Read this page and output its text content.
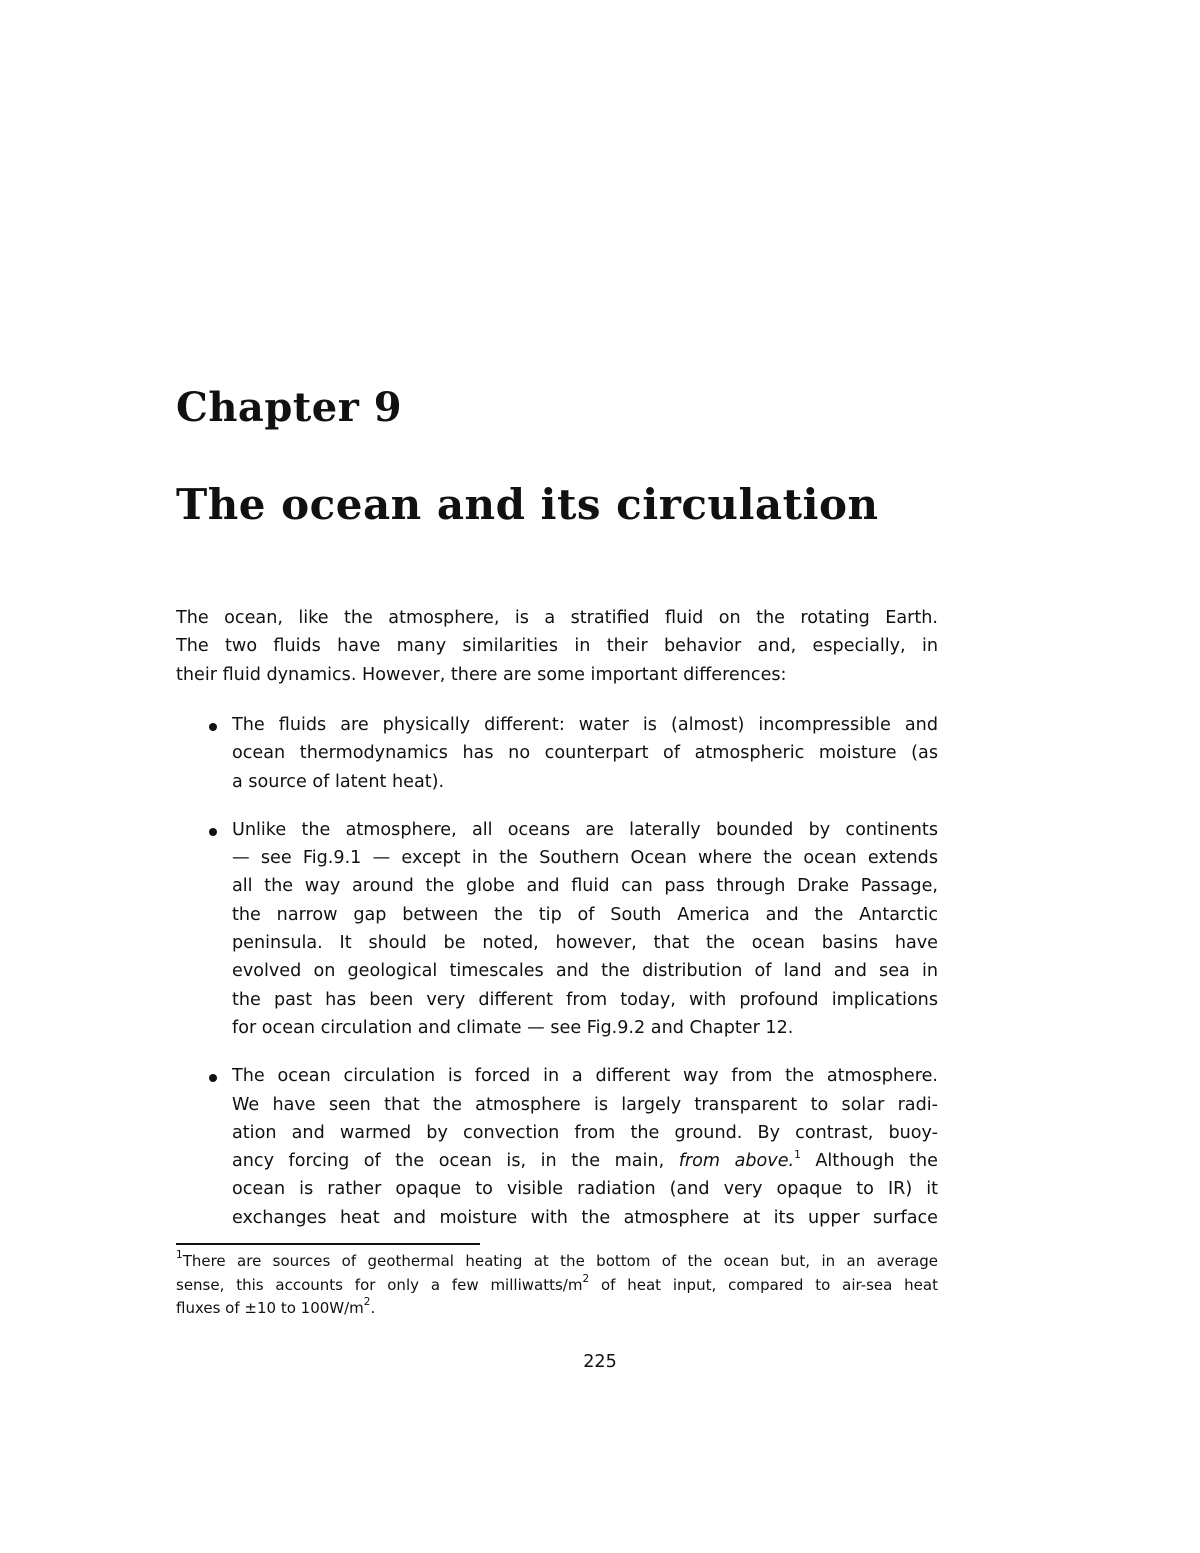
Chapter 9
The ocean and its circulation
The ocean, like the atmosphere, is a stratified fluid on the rotating Earth.
The two fluids have many similarities in their behavior and, especially, in
their fluid dynamics. However, there are some important differences:
The fluids are physically different: water is (almost) incompressible and
ocean thermodynamics has no counterpart of atmospheric moisture (as
a source of latent heat).
Unlike the atmosphere, all oceans are laterally bounded by continents
— see Fig.9.1 — except in the Southern Ocean where the ocean extends
all the way around the globe and fluid can pass through Drake Passage,
the narrow gap between the tip of South America and the Antarctic
peninsula. It should be noted, however, that the ocean basins have
evolved on geological timescales and the distribution of land and sea in
the past has been very different from today, with profound implications
for ocean circulation and climate — see Fig.9.2 and Chapter 12.
The ocean circulation is forced in a different way from the atmosphere.
We have seen that the atmosphere is largely transparent to solar radi-
ation and warmed by convection from the ground. By contrast, buoy-
ancy forcing of the ocean is, in the main, from above.$^1$ Although the
ocean is rather opaque to visible radiation (and very opaque to IR) it
exchanges heat and moisture with the atmosphere at its upper surface
$^1$There are sources of geothermal heating at the bottom of the ocean but, in an average
sense, this accounts for only a few milliwatts/$m^2$ of heat input, compared to air-sea heat
fluxes of ±10 to $100W/m^2$.
225
